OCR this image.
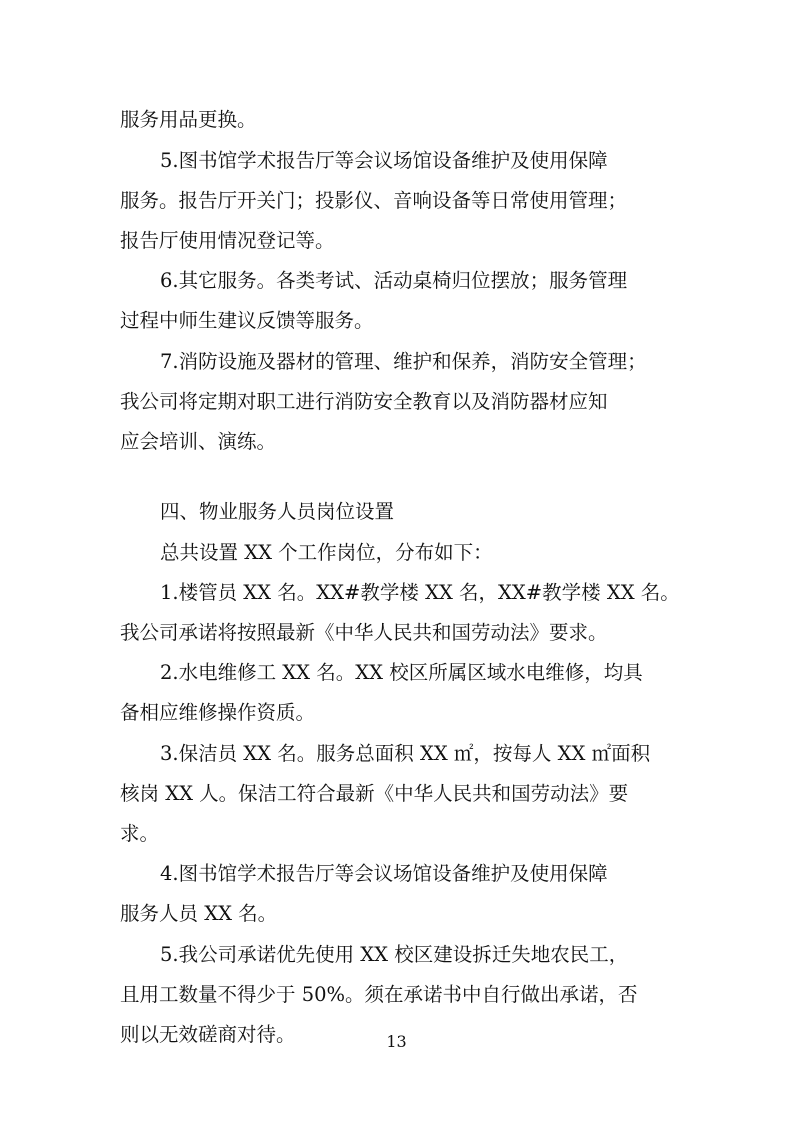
服务用品更换。
5.图书馆学术报告厅等会议场馆设备维护及使用保障
服务。报告厅开关门；投影仪、音响设备等日常使用管理；
报告厅使用情况登记等。
6.其它服务。各类考试、活动桌椅归位摆放；服务管理
过程中师生建议反馈等服务。
7.消防设施及器材的管理、维护和保养，消防安全管理；
我公司将定期对职工进行消防安全教育以及消防器材应知
应会培训、演练。
四、物业服务人员岗位设置
总共设置 XX 个工作岗位，分布如下：
1.楼管员 XX 名。XX#教学楼 XX 名，XX#教学楼 XX 名。
我公司承诺将按照最新《中华人民共和国劳动法》要求。
2.水电维修工 XX 名。XX 校区所属区域水电维修，均具
备相应维修操作资质。
3.保洁员 XX 名。服务总面积 XX ㎡，按每人 XX ㎡面积
核岗 XX 人。保洁工符合最新《中华人民共和国劳动法》要
求。
4.图书馆学术报告厅等会议场馆设备维护及使用保障
服务人员 XX 名。
5.我公司承诺优先使用 XX 校区建设拆迁失地农民工，
且用工数量不得少于 50%。须在承诺书中自行做出承诺，否
则以无效磋商对待。	13
